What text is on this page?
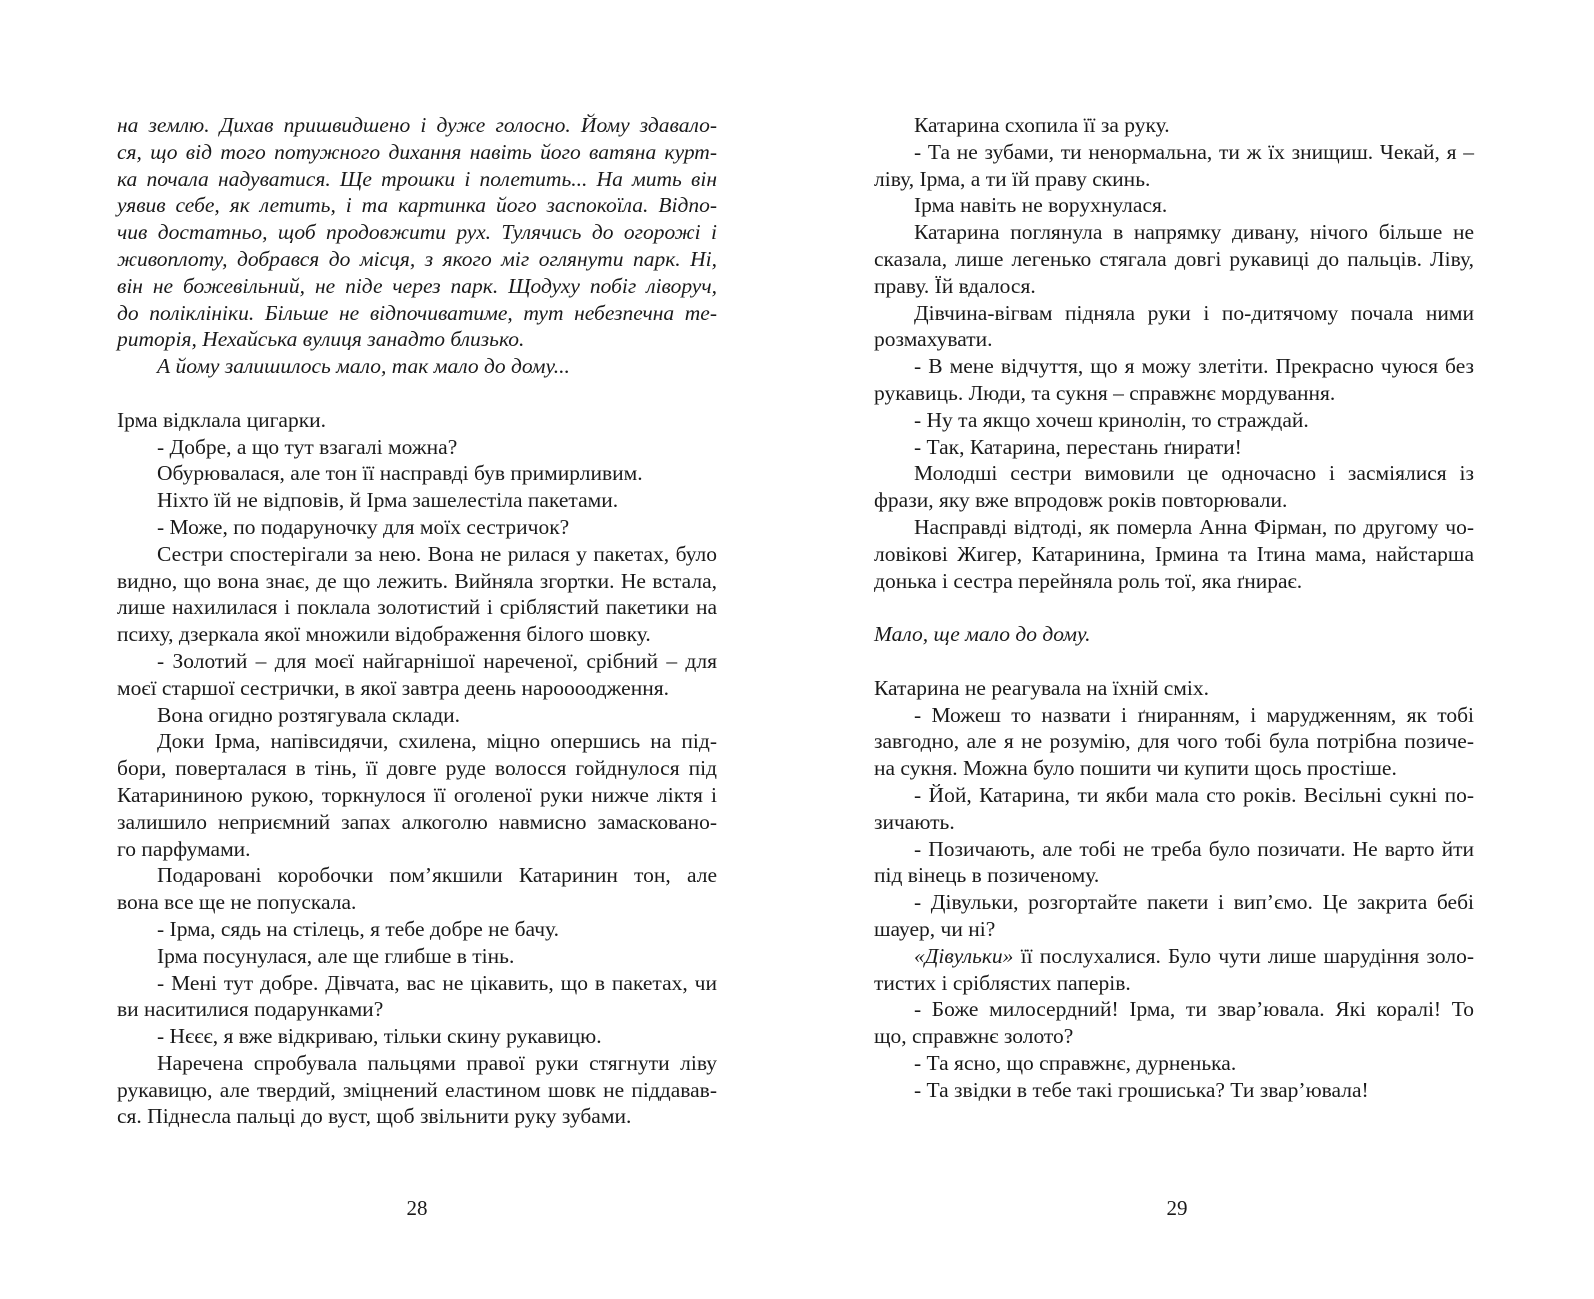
на землю. Дихав пришвидшено і дуже голосно. Йому здавало-
ся, що від того потужного дихання навіть його ватяна курт-
ка почала надуватися. Ще трошки і полетить... На мить він
уявив себе, як летить, і та картинка його заспокоїла. Відпо-
чив достатньо, щоб продовжити рух. Тулячись до огорожі і
живоплоту, добрався до місця, з якого міг оглянути парк. Ні,
він не божевільний, не піде через парк. Щодуху побіг ліворуч,
до поліклініки. Більше не відпочиватиме, тут небезпечна те-
риторія, Нехайська вулиця занадто близько.
А йому залишилось мало, так мало до дому...
Ірма відклала цигарки.
- Добре, а що тут взагалі можна?
Обурювалася, але тон її насправді був примирливим.
Ніхто їй не відповів, й Ірма зашелестіла пакетами.
- Може, по подаруночку для моїх сестричок?
Сестри спостерігали за нею. Вона не рилася у пакетах, було
видно, що вона знає, де що лежить. Вийняла згортки. Не встала,
лише нахилилася і поклала золотистий і сріблястий пакетики на
психу, дзеркала якої множили відображення білого шовку.
- Золотий – для моєї найгарнішої нареченої, срібний – для
моєї старшої сестрички, в якої завтра деень нароооодження.
Вона огидно розтягувала склади.
Доки Ірма, напівсидячи, схилена, міцно опершись на під-
бори, поверталася в тінь, її довге руде волосся гойднулося під
Катарининою рукою, торкнулося її оголеної руки нижче ліктя і
залишило неприємний запах алкоголю навмисно замаскованo-
го парфумами.
Подаровані коробочки пом’якшили Катаринин тон, але
вона все ще не попускала.
- Ірма, сядь на стілець, я тебе добре не бачу.
Ірма посунулася, але ще глибше в тінь.
- Мені тут добре. Дівчата, вас не цікавить, що в пакетах, чи
ви наситилися подарунками?
- Нєєє, я вже відкриваю, тільки скину рукавицю.
Наречена спробувала пальцями правої руки стягнути ліву
рукавицю, але твердий, зміцнений еластином шовк не піддавав-
ся. Піднесла пальці до вуст, щоб звільнити руку зубами.
Катарина схопила її за руку.
- Та не зубами, ти ненормальна, ти ж їх знищиш. Чекай, я –
ліву, Ірма, а ти їй праву скинь.
Ірма навіть не ворухнулася.
Катарина поглянула в напрямку дивану, нічого більше не
сказала, лише легенько стягала довгі рукавиці до пальців. Ліву,
праву. Їй вдалося.
Дівчина-вігвам підняла руки і по-дитячому почала ними
розмахувати.
- В мене відчуття, що я можу злетіти. Прекрасно чуюся без
рукавиць. Люди, та сукня – справжнє мордування.
- Ну та якщо хочеш кринолін, то страждай.
- Так, Катарина, перестань ґнирати!
Молодші сестри вимовили це одночасно і засміялися із
фрази, яку вже впродовж років повторювали.
Насправді відтоді, як померла Анна Фірман, по другому чо-
ловікові Жигер, Катаринина, Ірмина та Ітина мама, найстарша
донька і сестра перейняла роль тої, яка ґнирає.
Мало, ще мало до дому.
Катарина не реагувала на їхній сміх.
- Можеш то назвати і ґниранням, і марудженням, як тобі
завгодно, але я не розумію, для чого тобі була потрібна позиче-
на сукня. Можна було пошити чи купити щось простіше.
- Йой, Катарина, ти якби мала сто років. Весільні сукні по-
зичають.
- Позичають, але тобі не треба було позичати. Не варто йти
під вінець в позиченому.
- Дівульки, розгортайте пакети і вип’ємо. Це закрита бебі
шауер, чи ні?
«Дівульки» її послухалися. Було чути лише шарудіння золо-
тистих і сріблястих паперів.
- Боже милосердний! Ірма, ти звар’ювала. Які коралі! То
що, справжнє золото?
- Та ясно, що справжнє, дурненька.
- Та звідки в тебе такі грошиська? Ти звар’ювала!
28	29
